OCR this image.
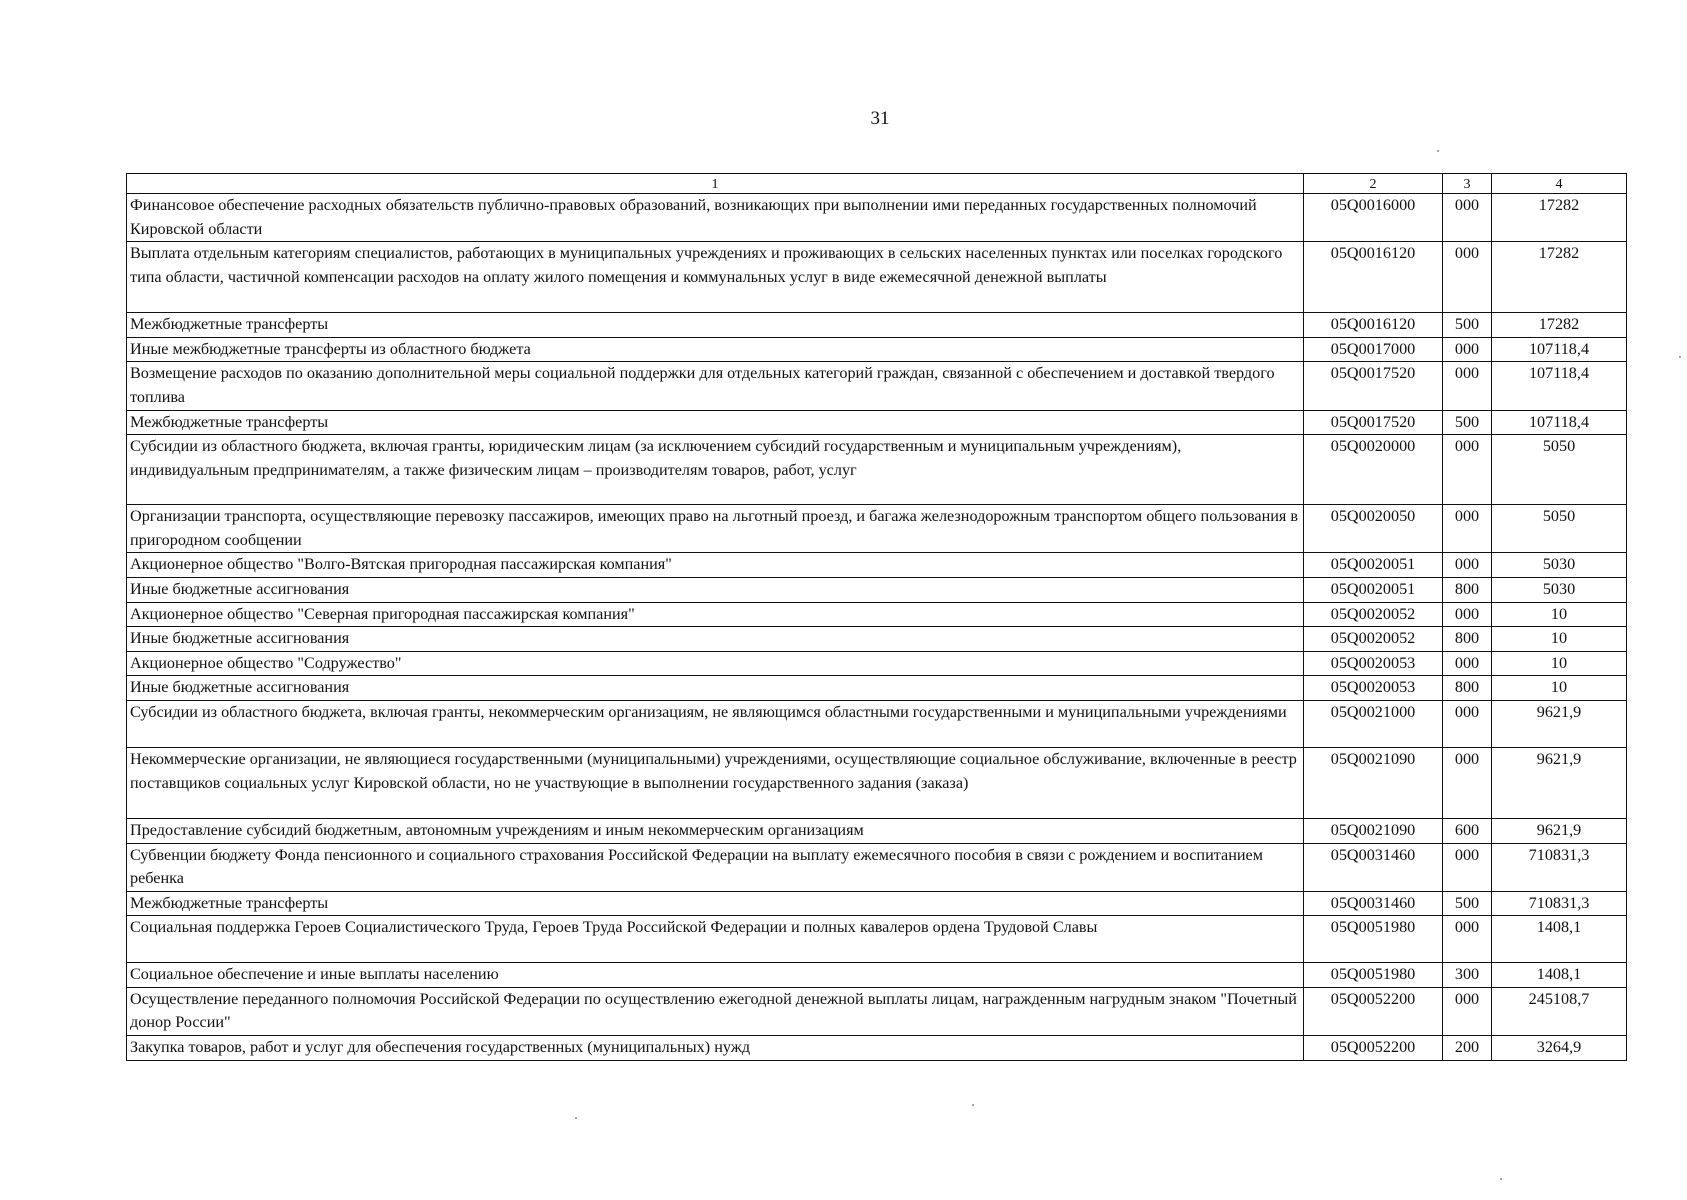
31
1	2	3	4
Финансовое обеспечение расходных обязательств публично-правовых образований, возникающих при выполнении ими переданных государственных полномочий Кировской области	05Q0016000	000	17282
Выплата отдельным категориям специалистов, работающих в муниципальных учреждениях и проживающих в сельских населенных пунктах или поселках городского типа области, частичной компенсации расходов на оплату жилого помещения и коммунальных услуг в виде ежемесячной денежной выплаты	05Q0016120	000	17282
Межбюджетные трансферты	05Q0016120	500	17282
Иные межбюджетные трансферты из областного бюджета	05Q0017000	000	107118,4
Возмещение расходов по оказанию дополнительной меры социальной поддержки для отдельных категорий граждан, связанной с обеспечением и доставкой твердого топлива	05Q0017520	000	107118,4
Межбюджетные трансферты	05Q0017520	500	107118,4
Субсидии из областного бюджета, включая гранты, юридическим лицам (за исключением субсидий государственным и муниципальным учреждениям), индивидуальным предпринимателям, а также физическим лицам – производителям товаров, работ, услуг	05Q0020000	000	5050
Организации транспорта, осуществляющие перевозку пассажиров, имеющих право на льготный проезд, и багажа железнодорожным транспортом общего пользования в пригородном сообщении	05Q0020050	000	5050
Акционерное общество "Волго-Вятская пригородная пассажирская компания"	05Q0020051	000	5030
Иные бюджетные ассигнования	05Q0020051	800	5030
Акционерное общество "Северная пригородная пассажирская компания"	05Q0020052	000	10
Иные бюджетные ассигнования	05Q0020052	800	10
Акционерное общество "Содружество"	05Q0020053	000	10
Иные бюджетные ассигнования	05Q0020053	800	10
Субсидии из областного бюджета, включая гранты, некоммерческим организациям, не являющимся областными государственными и муниципальными учреждениями	05Q0021000	000	9621,9
Некоммерческие организации, не являющиеся государственными (муниципальными) учреждениями, осуществляющие социальное обслуживание, включенные в реестр поставщиков социальных услуг Кировской области, но не участвующие в выполнении государственного задания (заказа)	05Q0021090	000	9621,9
Предоставление субсидий бюджетным, автономным учреждениям и иным некоммерческим организациям	05Q0021090	600	9621,9
Субвенции бюджету Фонда пенсионного и социального страхования Российской Федерации на выплату ежемесячного пособия в связи с рождением и воспитанием ребенка	05Q0031460	000	710831,3
Межбюджетные трансферты	05Q0031460	500	710831,3
Социальная поддержка Героев Социалистического Труда, Героев Труда Российской Федерации и полных кавалеров ордена Трудовой Славы	05Q0051980	000	1408,1
Социальное обеспечение и иные выплаты населению	05Q0051980	300	1408,1
Осуществление переданного полномочия Российской Федерации по осуществлению ежегодной денежной выплаты лицам, награжденным нагрудным знаком "Почетный донор России"	05Q0052200	000	245108,7
Закупка товаров, работ и услуг для обеспечения государственных (муниципальных) нужд	05Q0052200	200	3264,9
